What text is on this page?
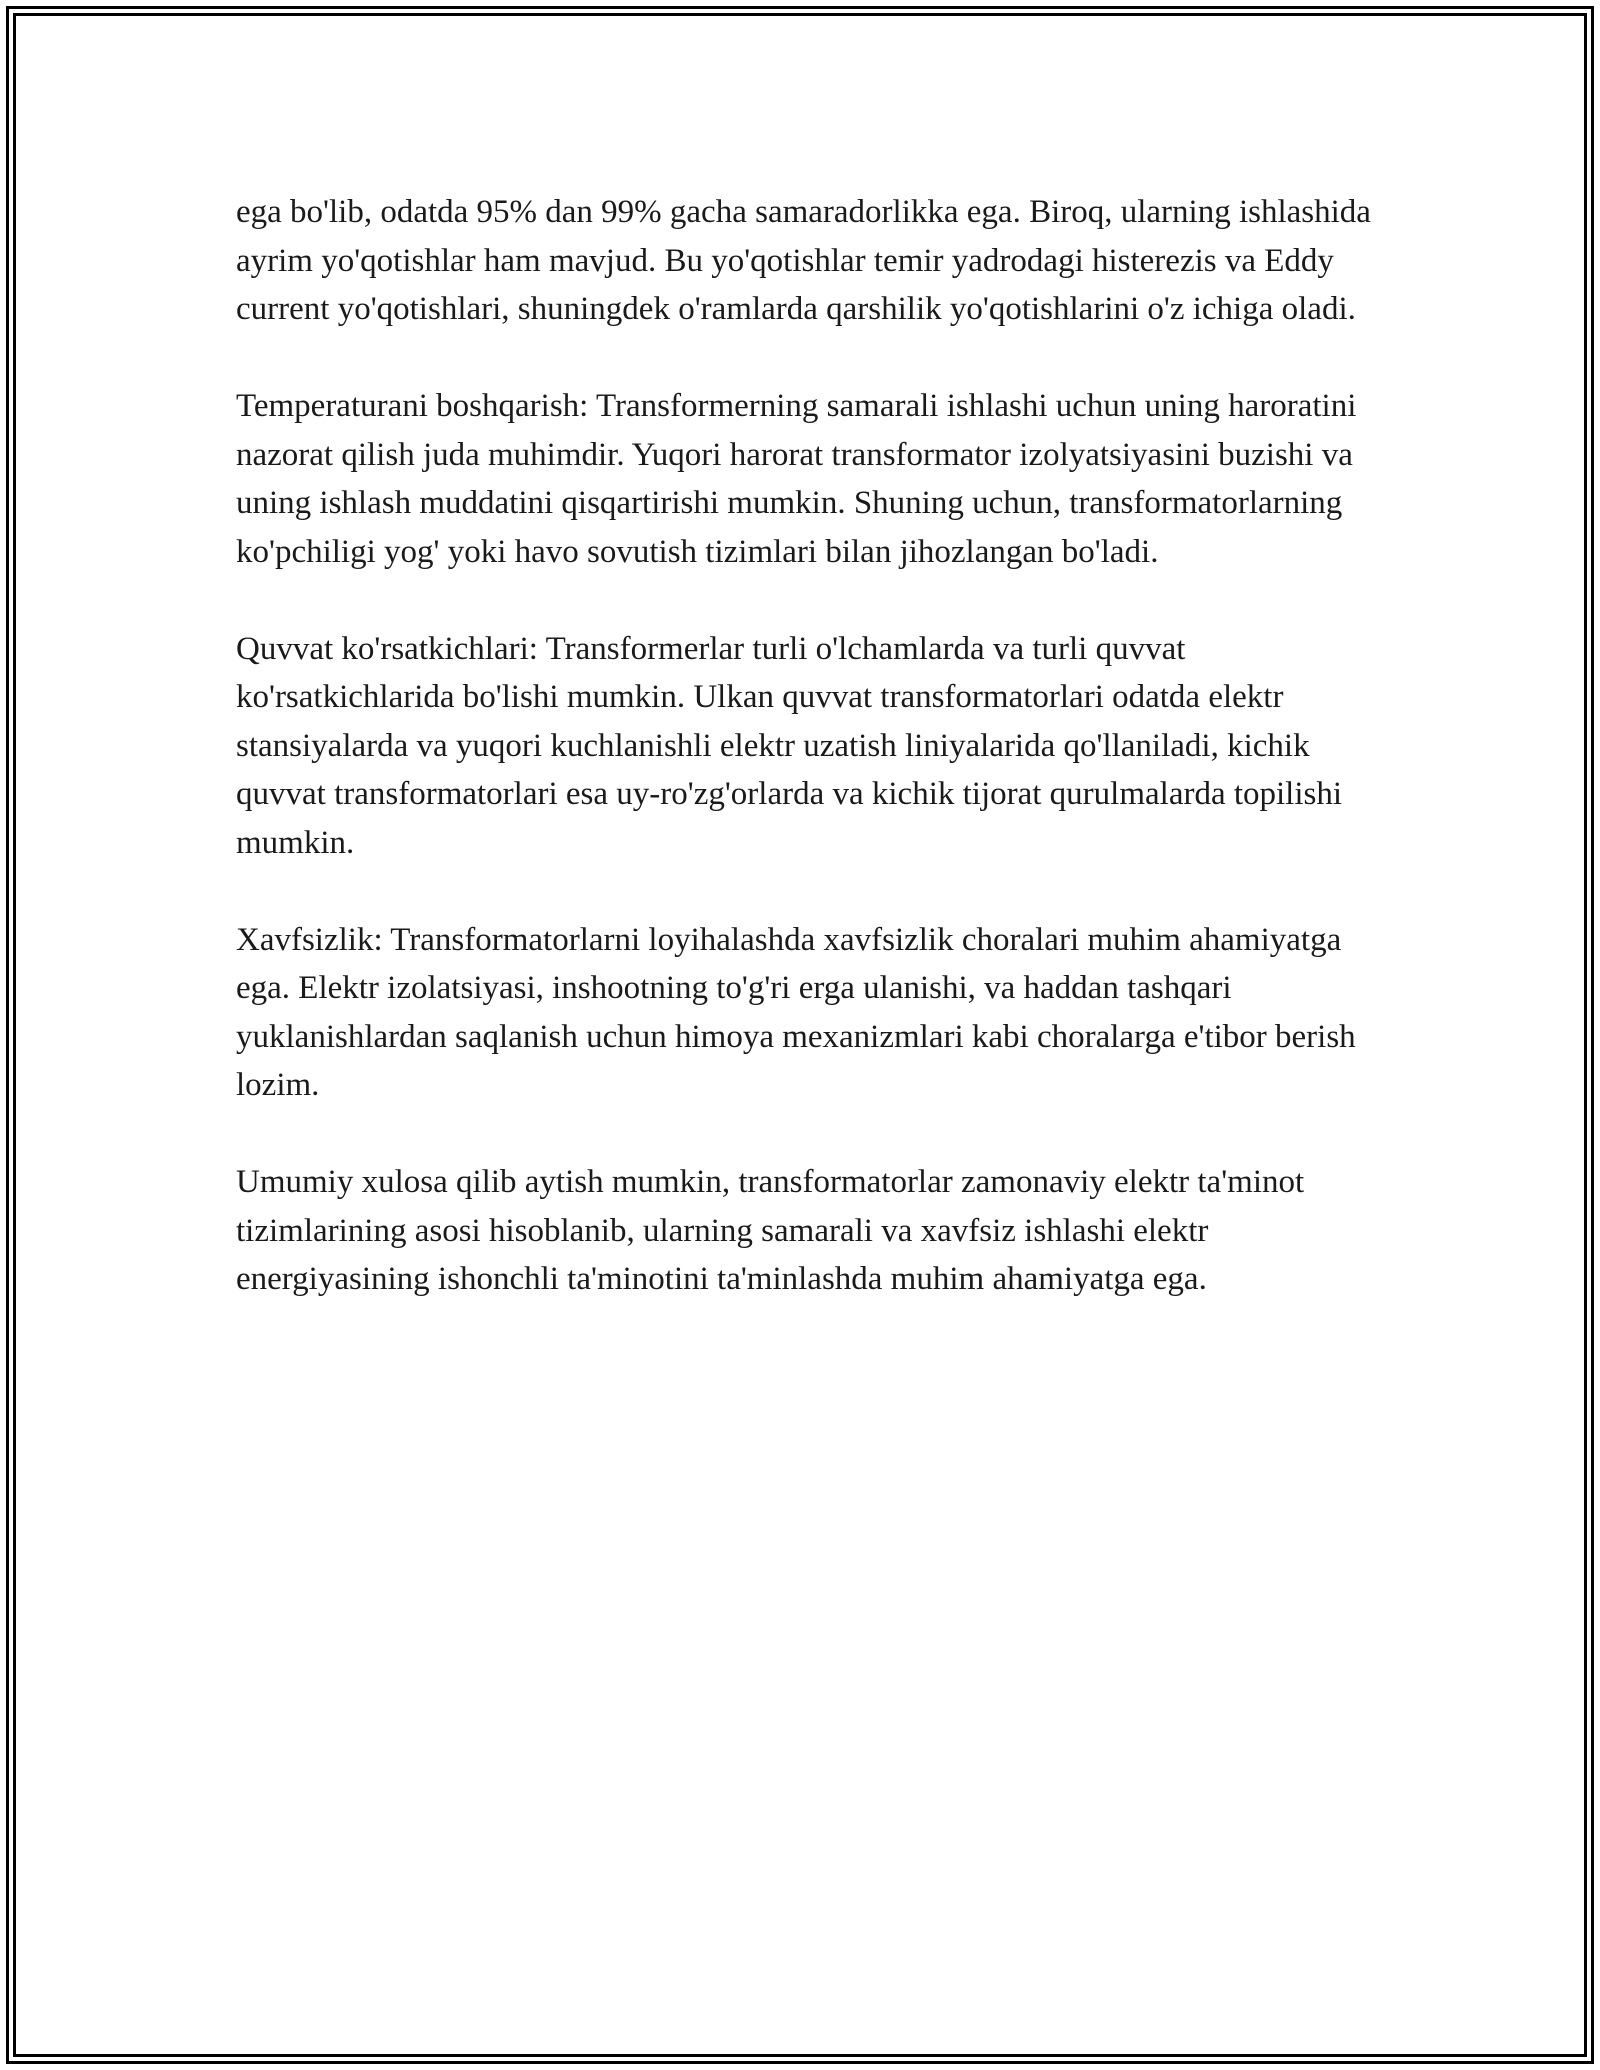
ega bo'lib, odatda 95% dan 99% gacha samaradorlikka ega. Biroq, ularning ishlashida ayrim yo'qotishlar ham mavjud. Bu yo'qotishlar temir yadrodagi histerezis va Eddy current yo'qotishlari, shuningdek o'ramlarda qarshilik yo'qotishlarini o'z ichiga oladi.

Temperaturani boshqarish: Transformerning samarali ishlashi uchun uning haroratini nazorat qilish juda muhimdir. Yuqori harorat transformator izolyatsiyasini buzishi va uning ishlash muddatini qisqartirishi mumkin. Shuning uchun, transformatorlarning ko'pchiligi yog' yoki havo sovutish tizimlari bilan jihozlangan bo'ladi.

Quvvat ko'rsatkichlari: Transformerlar turli o'lchamlarda va turli quvvat ko'rsatkichlarida bo'lishi mumkin. Ulkan quvvat transformatorlari odatda elektr stansiyalarda va yuqori kuchlanishli elektr uzatish liniyalarida qo'llaniladi, kichik quvvat transformatorlari esa uy-ro'zg'orlarda va kichik tijorat qurulmalarda topilishi mumkin.

Xavfsizlik: Transformatorlarni loyihalashda xavfsizlik choralari muhim ahamiyatga ega. Elektr izolatsiyasi, inshootning to'g'ri erga ulanishi, va haddan tashqari yuklanishlardan saqlanish uchun himoya mexanizmlari kabi choralarga e'tibor berish lozim.

Umumiy xulosa qilib aytish mumkin, transformatorlar zamonaviy elektr ta'minot tizimlarining asosi hisoblanib, ularning samarali va xavfsiz ishlashi elektr energiyasining ishonchli ta'minotini ta'minlashda muhim ahamiyatga ega.
